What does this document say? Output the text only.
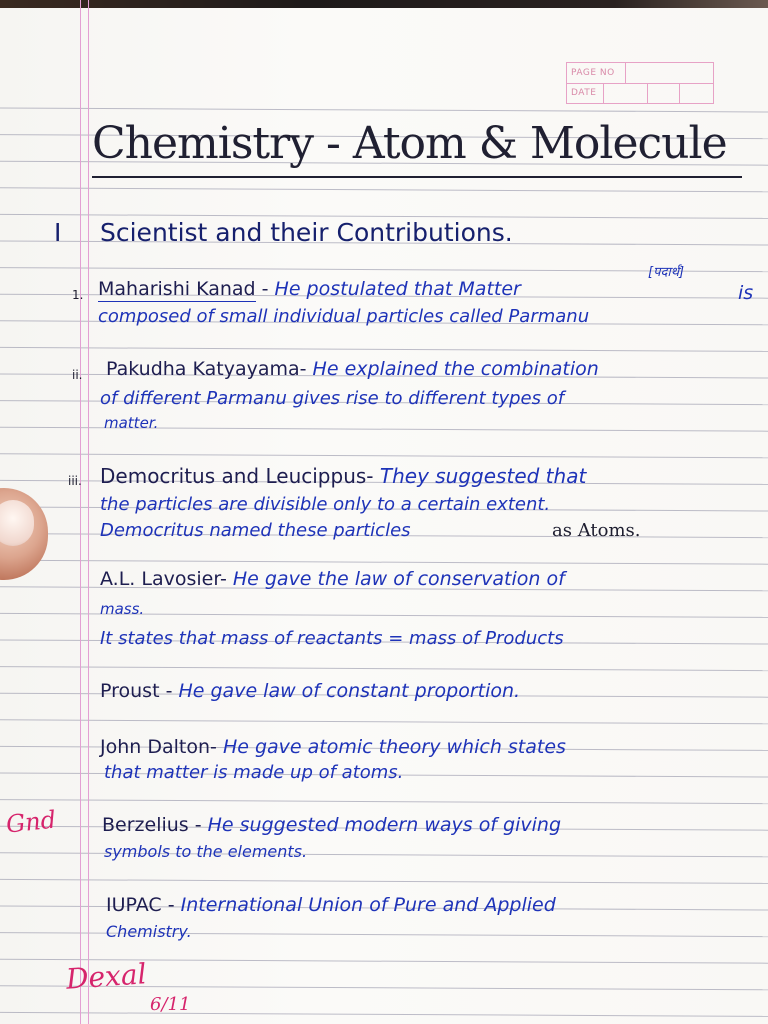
PAGE NO
DATE
Chemistry - Atom & Molecule
I Scientist and their Contributions.
1. Maharishi Kanad - He postulated that Matter
[पदार्थ]
is
composed of small individual particles called Parmanu
ii. Pakudha Katyayama- He explained the combination
of different Parmanu gives rise to different types of
matter.
iii. Democritus and Leucippus- They suggested that
the particles are divisible only to a certain extent.
Democritus named these particles	as Atoms.
A.L. Lavosier- He gave the law of conservation of
mass.
It states that mass of reactants = mass of Products
Proust - He gave law of constant proportion.
John Dalton- He gave atomic theory which states
that matter is made up of atoms.
Gnd Berzelius - He suggested modern ways of giving
symbols to the elements.
IUPAC - International Union of Pure and Applied
Chemistry.
Dexal
6/11
